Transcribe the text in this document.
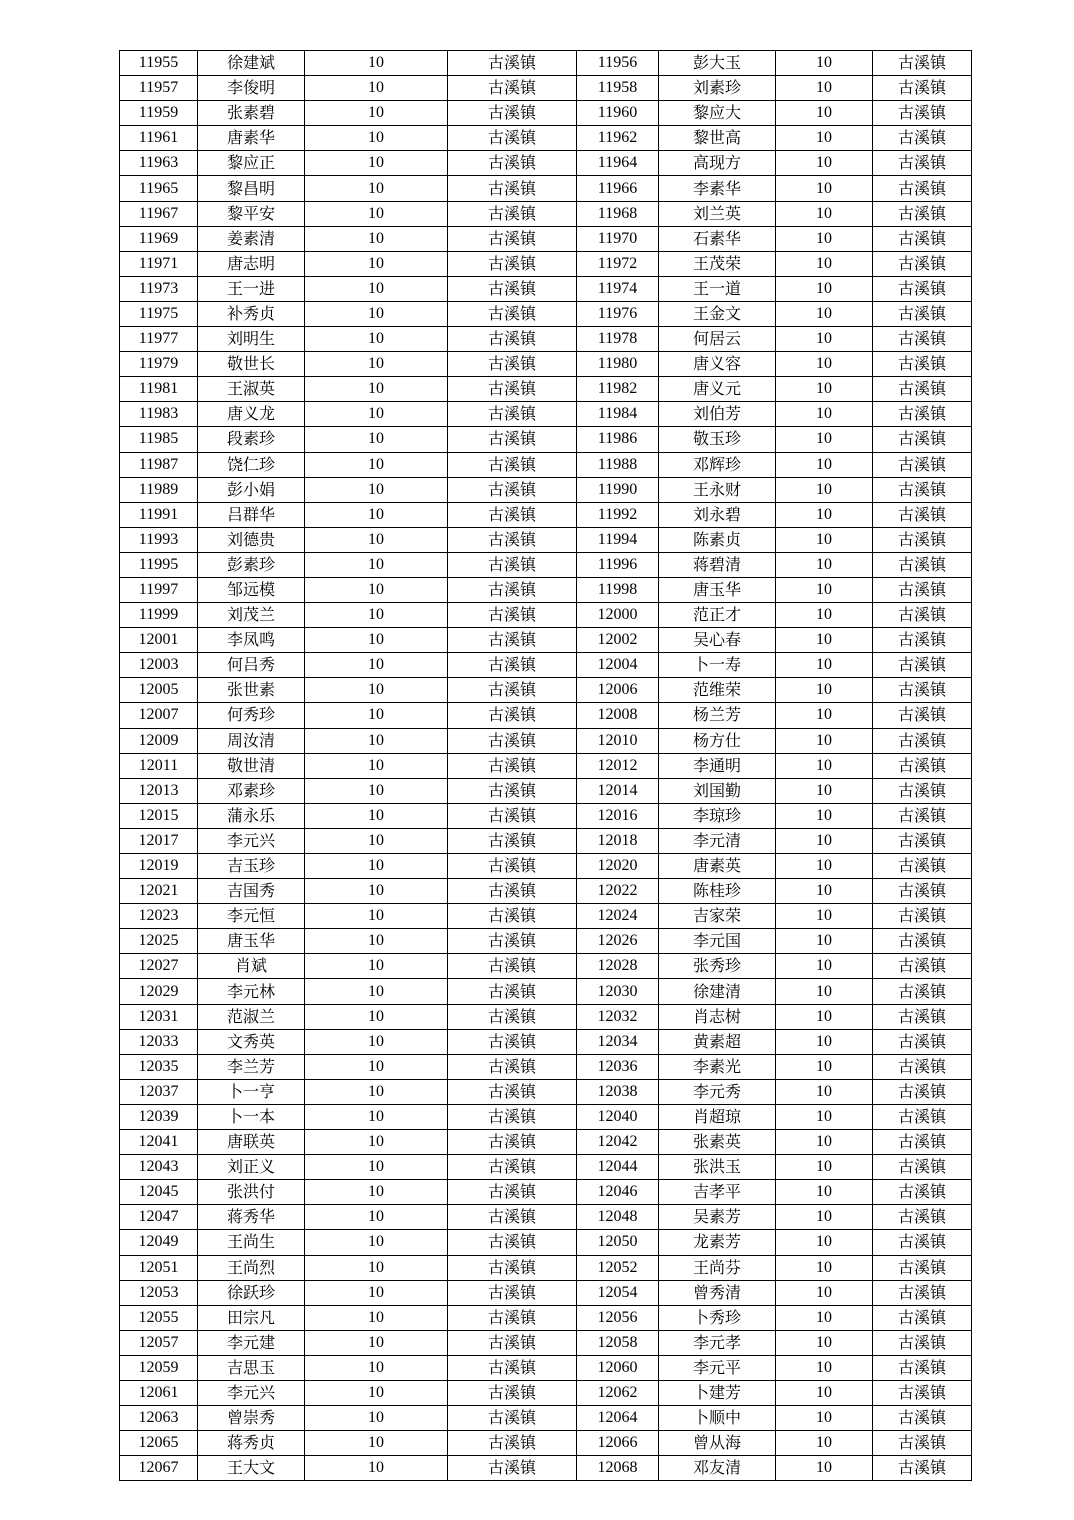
11955	徐建斌	10	古溪镇	11956	彭大玉	10	古溪镇
11957	李俊明	10	古溪镇	11958	刘素珍	10	古溪镇
11959	张素碧	10	古溪镇	11960	黎应大	10	古溪镇
11961	唐素华	10	古溪镇	11962	黎世高	10	古溪镇
11963	黎应正	10	古溪镇	11964	高现方	10	古溪镇
11965	黎昌明	10	古溪镇	11966	李素华	10	古溪镇
11967	黎平安	10	古溪镇	11968	刘兰英	10	古溪镇
11969	姜素清	10	古溪镇	11970	石素华	10	古溪镇
11971	唐志明	10	古溪镇	11972	王茂荣	10	古溪镇
11973	王一进	10	古溪镇	11974	王一道	10	古溪镇
11975	补秀贞	10	古溪镇	11976	王金文	10	古溪镇
11977	刘明生	10	古溪镇	11978	何居云	10	古溪镇
11979	敬世长	10	古溪镇	11980	唐义容	10	古溪镇
11981	王淑英	10	古溪镇	11982	唐义元	10	古溪镇
11983	唐义龙	10	古溪镇	11984	刘伯芳	10	古溪镇
11985	段素珍	10	古溪镇	11986	敬玉珍	10	古溪镇
11987	饶仁珍	10	古溪镇	11988	邓辉珍	10	古溪镇
11989	彭小娟	10	古溪镇	11990	王永财	10	古溪镇
11991	吕群华	10	古溪镇	11992	刘永碧	10	古溪镇
11993	刘德贵	10	古溪镇	11994	陈素贞	10	古溪镇
11995	彭素珍	10	古溪镇	11996	蒋碧清	10	古溪镇
11997	邹远模	10	古溪镇	11998	唐玉华	10	古溪镇
11999	刘茂兰	10	古溪镇	12000	范正才	10	古溪镇
12001	李凤鸣	10	古溪镇	12002	吴心春	10	古溪镇
12003	何吕秀	10	古溪镇	12004	卜一寿	10	古溪镇
12005	张世素	10	古溪镇	12006	范维荣	10	古溪镇
12007	何秀珍	10	古溪镇	12008	杨兰芳	10	古溪镇
12009	周汝清	10	古溪镇	12010	杨方仕	10	古溪镇
12011	敬世清	10	古溪镇	12012	李通明	10	古溪镇
12013	邓素珍	10	古溪镇	12014	刘国勤	10	古溪镇
12015	蒲永乐	10	古溪镇	12016	李琼珍	10	古溪镇
12017	李元兴	10	古溪镇	12018	李元清	10	古溪镇
12019	吉玉珍	10	古溪镇	12020	唐素英	10	古溪镇
12021	吉国秀	10	古溪镇	12022	陈桂珍	10	古溪镇
12023	李元恒	10	古溪镇	12024	吉家荣	10	古溪镇
12025	唐玉华	10	古溪镇	12026	李元国	10	古溪镇
12027	肖斌	10	古溪镇	12028	张秀珍	10	古溪镇
12029	李元林	10	古溪镇	12030	徐建清	10	古溪镇
12031	范淑兰	10	古溪镇	12032	肖志树	10	古溪镇
12033	文秀英	10	古溪镇	12034	黄素超	10	古溪镇
12035	李兰芳	10	古溪镇	12036	李素光	10	古溪镇
12037	卜一亨	10	古溪镇	12038	李元秀	10	古溪镇
12039	卜一本	10	古溪镇	12040	肖超琼	10	古溪镇
12041	唐联英	10	古溪镇	12042	张素英	10	古溪镇
12043	刘正义	10	古溪镇	12044	张洪玉	10	古溪镇
12045	张洪付	10	古溪镇	12046	吉孝平	10	古溪镇
12047	蒋秀华	10	古溪镇	12048	吴素芳	10	古溪镇
12049	王尚生	10	古溪镇	12050	龙素芳	10	古溪镇
12051	王尚烈	10	古溪镇	12052	王尚芬	10	古溪镇
12053	徐跃珍	10	古溪镇	12054	曾秀清	10	古溪镇
12055	田宗凡	10	古溪镇	12056	卜秀珍	10	古溪镇
12057	李元建	10	古溪镇	12058	李元孝	10	古溪镇
12059	吉思玉	10	古溪镇	12060	李元平	10	古溪镇
12061	李元兴	10	古溪镇	12062	卜建芳	10	古溪镇
12063	曾崇秀	10	古溪镇	12064	卜顺中	10	古溪镇
12065	蒋秀贞	10	古溪镇	12066	曾从海	10	古溪镇
12067	王大文	10	古溪镇	12068	邓友清	10	古溪镇
